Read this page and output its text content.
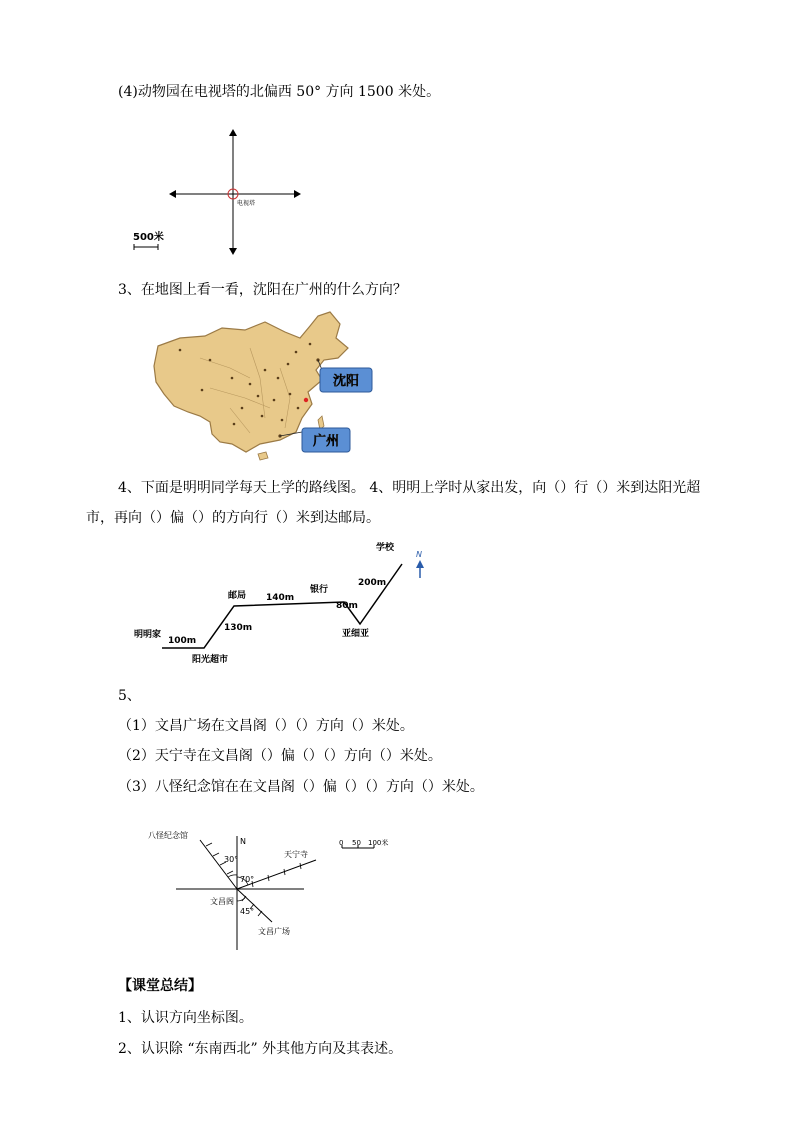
(4)动物园在电视塔的北偏西 50° 方向 1500 米处。
电视塔
500米
3、在地图上看一看，沈阳在广州的什么方向？
沈阳
广州
4、下面是明明同学每天上学的路线图。 4、明明上学时从家出发，向（）行（）米到达阳光超
市，再向（）偏（）的方向行（）米到达邮局。
明明家
100m
阳光超市
130m
邮局 140m
银行
80m
亚细亚
200m
学校
N
5、
（1）文昌广场在文昌阁（）（）方向（）米处。
（2）天宁寺在文昌阁（）偏（）（）方向（）米处。
（3）八怪纪念馆在在文昌阁（）偏（）（）方向（）米处。
N
八怪纪念馆
30°
天宁寺
70°
文昌阁
45°
文昌广场
0 50 100米
【课堂总结】
1、认识方向坐标图。
2、认识除 “东南西北” 外其他方向及其表述。
